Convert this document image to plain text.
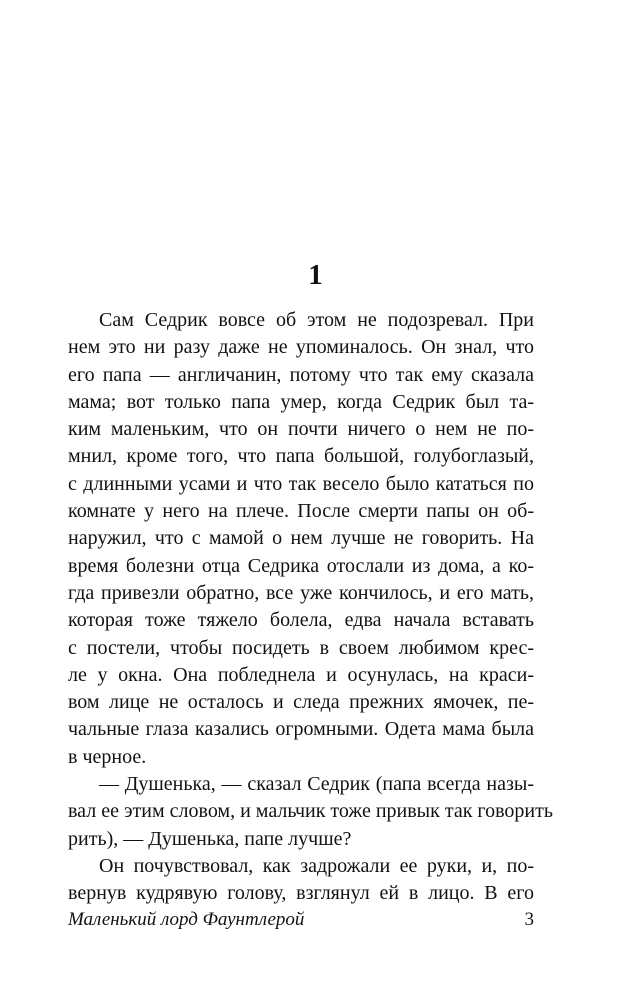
1
Сам Седрик вовсе об этом не подозревал. При
нем это ни разу даже не упоминалось. Он знал, что
его папа — англичанин, потому что так ему сказала
мама; вот только папа умер, когда Седрик был та-
ким маленьким, что он почти ничего о нем не по-
мнил, кроме того, что папа большой, голубоглазый,
с длинными усами и что так весело было кататься по
комнате у него на плече. После смерти папы он об-
наружил, что с мамой о нем лучше не говорить. На
время болезни отца Седрика отослали из дома, а ко-
гда привезли обратно, все уже кончилось, и его мать,
которая тоже тяжело болела, едва начала вставать
с постели, чтобы посидеть в своем любимом крес-
ле у окна. Она побледнела и осунулась, на краси-
вом лице не осталось и следа прежних ямочек, пе-
чальные глаза казались огромными. Одета мама была
в черное.
— Душенька, — сказал Седрик (папа всегда назы-
вал ее этим словом, и мальчик тоже привык так говорить
рить), — Душенька, папе лучше?
Он почувствовал, как задрожали ее руки, и, по-
вернув кудрявую голову, взглянул ей в лицо. В его
Маленький лорд Фаунтлерой	3
